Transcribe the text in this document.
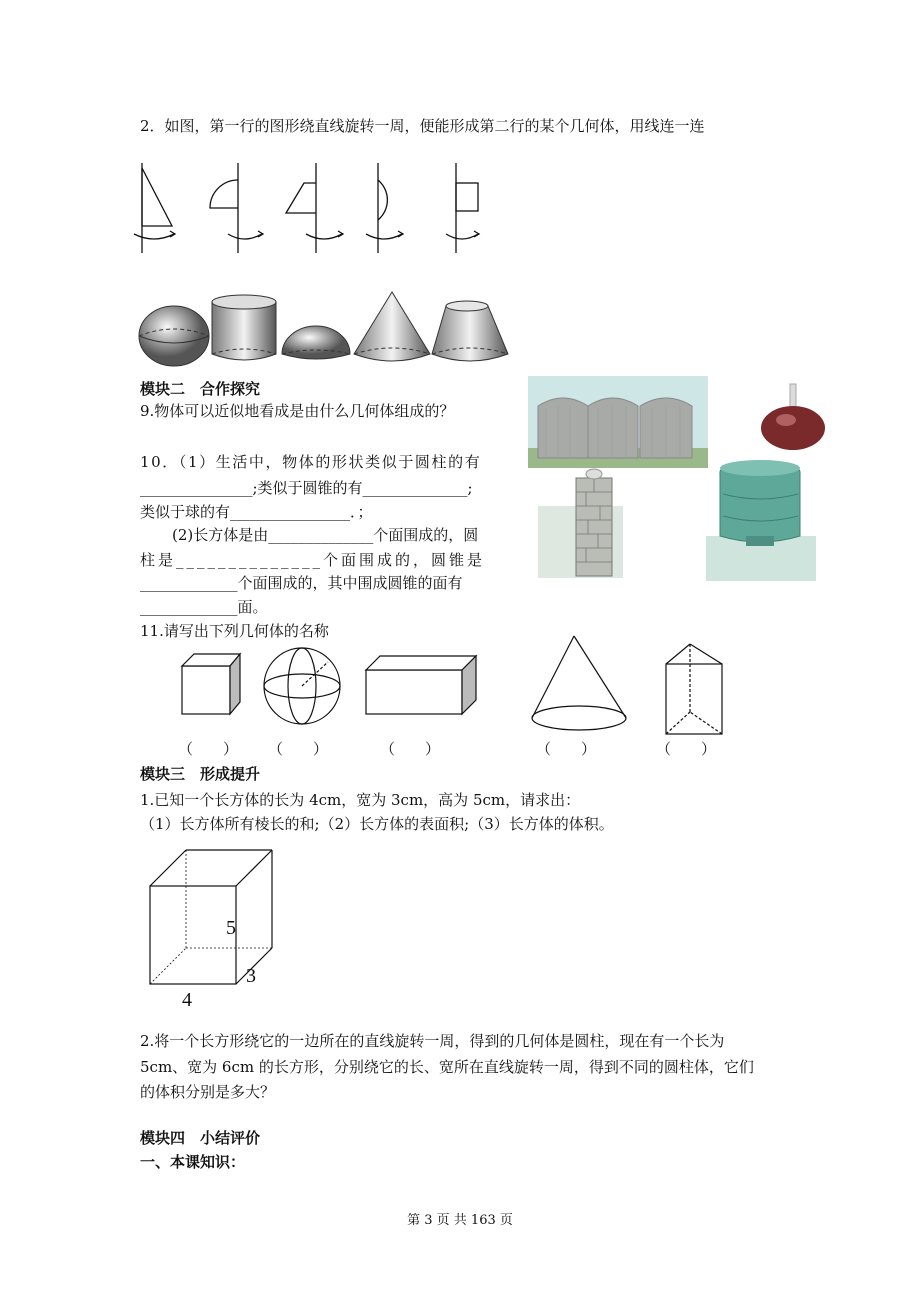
2．如图，第一行的图形绕直线旋转一周，便能形成第二行的某个几何体，用线连一连
模块二　合作探究
9.物体可以近似地看成是由什么几何体组成的？
10．（1）生活中，物体的形状类似于圆柱的有
_______________;类似于圆锥的有______________;
类似于球的有________________．；
(2)长方体是由______________个面围成的，圆
柱是______________个面围成的，圆锥是
_____________个面围成的，其中围成圆锥的面有
_____________面。
11.请写出下列几何体的名称
（　　） （　　）	（　　）	（　　）	（　　）
模块三　形成提升
1.已知一个长方体的长为 4cm，宽为 3cm，高为 5cm，请求出：
（1）长方体所有棱长的和;（2）长方体的表面积;（3）长方体的体积。
5
3
4
2.将一个长方形绕它的一边所在的直线旋转一周，得到的几何体是圆柱，现在有一个长为
5cm、宽为 6cm 的长方形，分别绕它的长、宽所在直线旋转一周，得到不同的圆柱体，它们
的体积分别是多大？
模块四　小结评价
一、本课知识：
第 3 页 共 163 页
